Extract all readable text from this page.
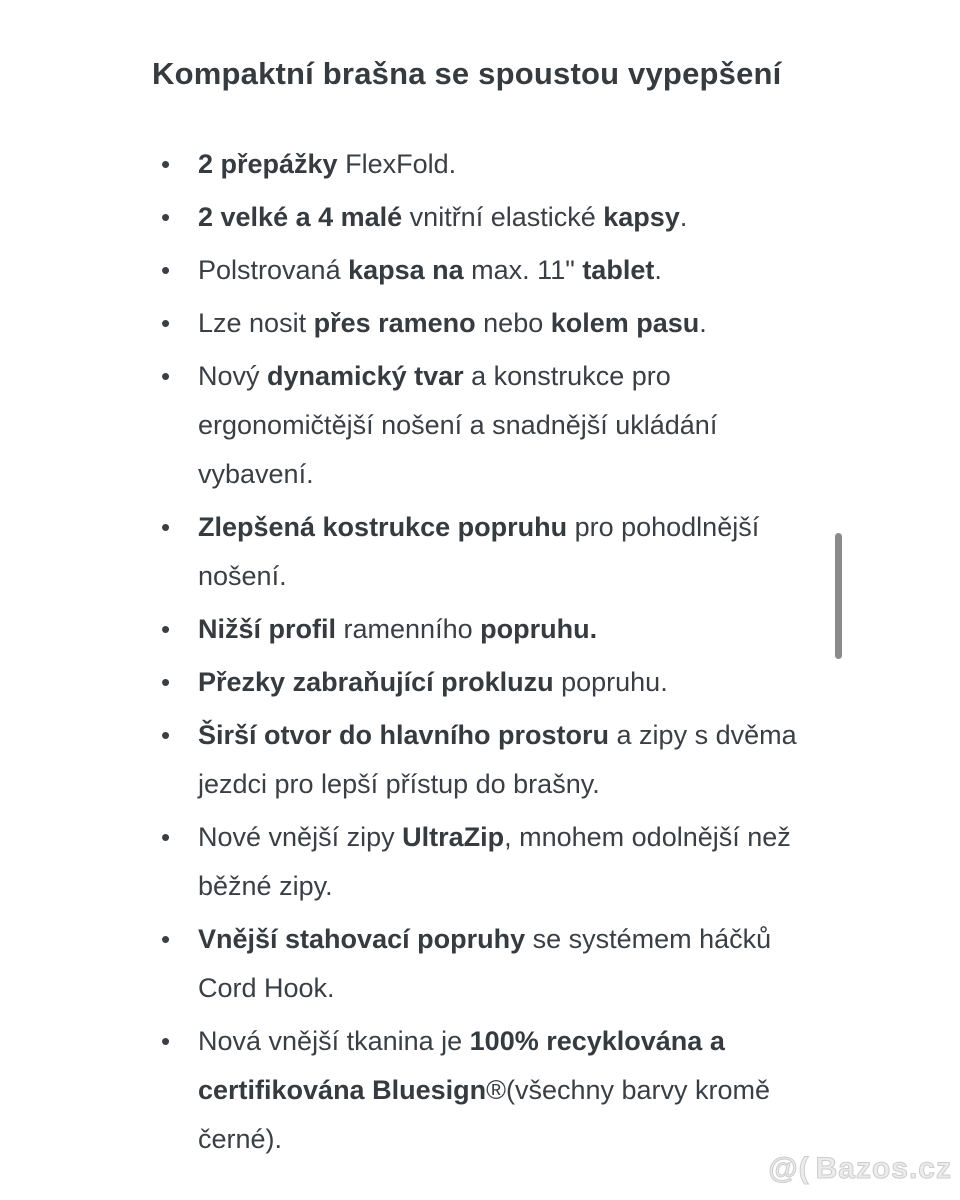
Kompaktní brašna se spoustou vypepšení
• 2 přepážky FlexFold.
• 2 velké a 4 malé vnitřní elastické kapsy.
• Polstrovaná kapsa na max. 11" tablet.
• Lze nosit přes rameno nebo kolem pasu.
• Nový dynamický tvar a konstrukce pro ergonomičtější nošení a snadnější ukládání vybavení.
• Zlepšená kostrukce popruhu pro pohodlnější nošení.
• Nižší profil ramenního popruhu.
• Přezky zabraňující prokluzu popruhu.
• Širší otvor do hlavního prostoru a zipy s dvěma jezdci pro lepší přístup do brašny.
• Nové vnější zipy UltraZip, mnohem odolnější než běžné zipy.
• Vnější stahovací popruhy se systémem háčků Cord Hook.
• Nová vnější tkanina je 100% recyklována a certifikována Bluesign®(všechny barvy kromě černé).
@( Bazos.cz
